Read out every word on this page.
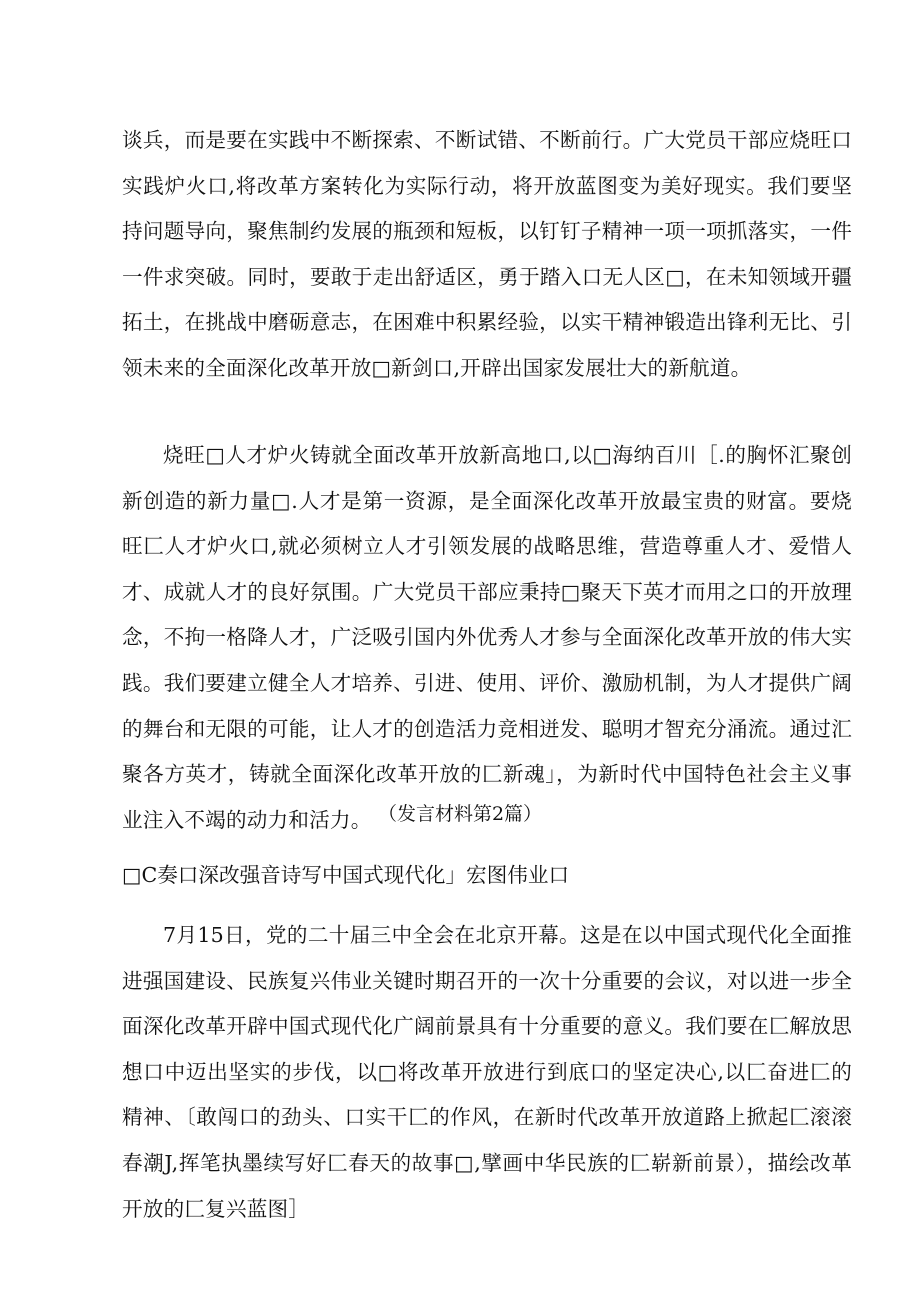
谈兵，而是要在实践中不断探索、不断试错、不断前行。广大党员干部应烧旺口实践炉火口,将改革方案转化为实际行动，将开放蓝图变为美好现实。我们要坚持问题导向，聚焦制约发展的瓶颈和短板，以钉钉子精神一项一项抓落实，一件一件求突破。同时，要敢于走出舒适区，勇于踏入口无人区□，在未知领域开疆拓土，在挑战中磨砺意志，在困难中积累经验，以实干精神锻造出锋利无比、引领未来的全面深化改革开放□新剑口,开辟出国家发展壮大的新航道。

烧旺□人才炉火铸就全面改革开放新高地口,以□海纳百川［.的胸怀汇聚创新创造的新力量□.人才是第一资源，是全面深化改革开放最宝贵的财富。要烧旺匚人才炉火口,就必须树立人才引领发展的战略思维，营造尊重人才、爱惜人才、成就人才的良好氛围。广大党员干部应秉持□聚天下英才而用之口的开放理念，不拘一格降人才，广泛吸引国内外优秀人才参与全面深化改革开放的伟大实践。我们要建立健全人才培养、引进、使用、评价、激励机制，为人才提供广阔的舞台和无限的可能，让人才的创造活力竞相迸发、聪明才智充分涌流。通过汇聚各方英才，铸就全面深化改革开放的匚新魂」，为新时代中国特色社会主义事业注入不竭的动力和活力。 （发言材料第2篇）

□C奏口深改强音诗写中国式现代化」宏图伟业口

7月15日，党的二十届三中全会在北京开幕。这是在以中国式现代化全面推进强国建设、民族复兴伟业关键时期召开的一次十分重要的会议，对以进一步全面深化改革开辟中国式现代化广阔前景具有十分重要的意义。我们要在匚解放思想口中迈出坚实的步伐，以□将改革开放进行到底口的坚定决心,以匚奋进匚的精神、〔敢闯口的劲头、口实干匚的作风，在新时代改革开放道路上掀起匚滚滚春潮J,挥笔执墨续写好匚春天的故事□,擘画中华民族的匚崭新前景），描绘改革开放的匚复兴蓝图］
